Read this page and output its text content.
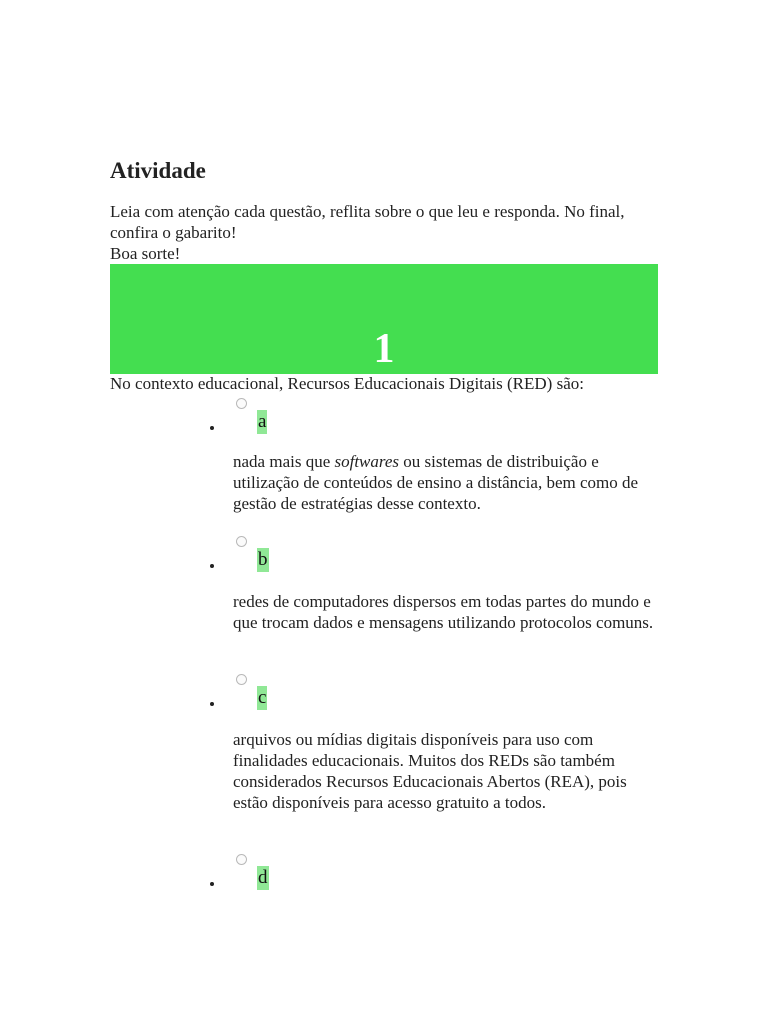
Atividade

Leia com atenção cada questão, reflita sobre o que leu e responda. No final, confira o gabarito!

Boa sorte!

1
No contexto educacional, Recursos Educacionais Digitais (RED) são:
a

nada mais que softwares ou sistemas de distribuição e utilização de conteúdos de ensino a distância, bem como de gestão de estratégias desse contexto.

b

redes de computadores dispersos em todas partes do mundo e que trocam dados e mensagens utilizando protocolos comuns.

c

arquivos ou mídias digitais disponíveis para uso com finalidades educacionais. Muitos dos REDs são também considerados Recursos Educacionais Abertos (REA), pois estão disponíveis para acesso gratuito a todos.

d
